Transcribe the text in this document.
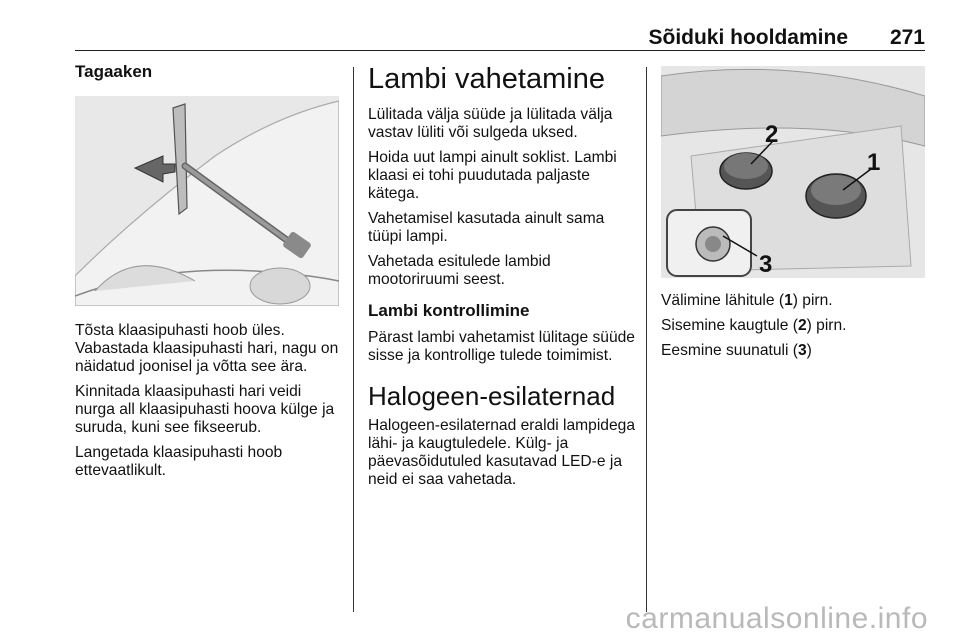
Sõiduki hooldamine 271
Tagaaken

Tõsta klaasipuhasti hoob üles. Vabastada klaasipuhasti hari, nagu on näidatud joonisel ja võtta see ära.

Kinnitada klaasipuhasti hari veidi nurga all klaasipuhasti hoova külge ja suruda, kuni see fikseerub.

Langetada klaasipuhasti hoob ettevaatlikult.

Lambi vahetamine

Lülitada välja süüde ja lülitada välja vastav lüliti või sulgeda uksed.

Hoida uut lampi ainult soklist. Lambi klaasi ei tohi puudutada paljaste kätega.

Vahetamisel kasutada ainult sama tüüpi lampi.

Vahetada esitulede lambid mootoriruumi seest.

Lambi kontrollimine

Pärast lambi vahetamist lülitage süüde sisse ja kontrollige tulede toimimist.

Halogeen-esilaternad

Halogeen-esilaternad eraldi lampidega lähi- ja kaugtuledele. Külg- ja päevasõidutuled kasutavad LED-e ja neid ei saa vahetada.

2
1
3

Välimine lähitule (1) pirn.

Sisemine kaugtule (2) pirn.

Eesmine suunatuli (3)

carmanualsonline.info
